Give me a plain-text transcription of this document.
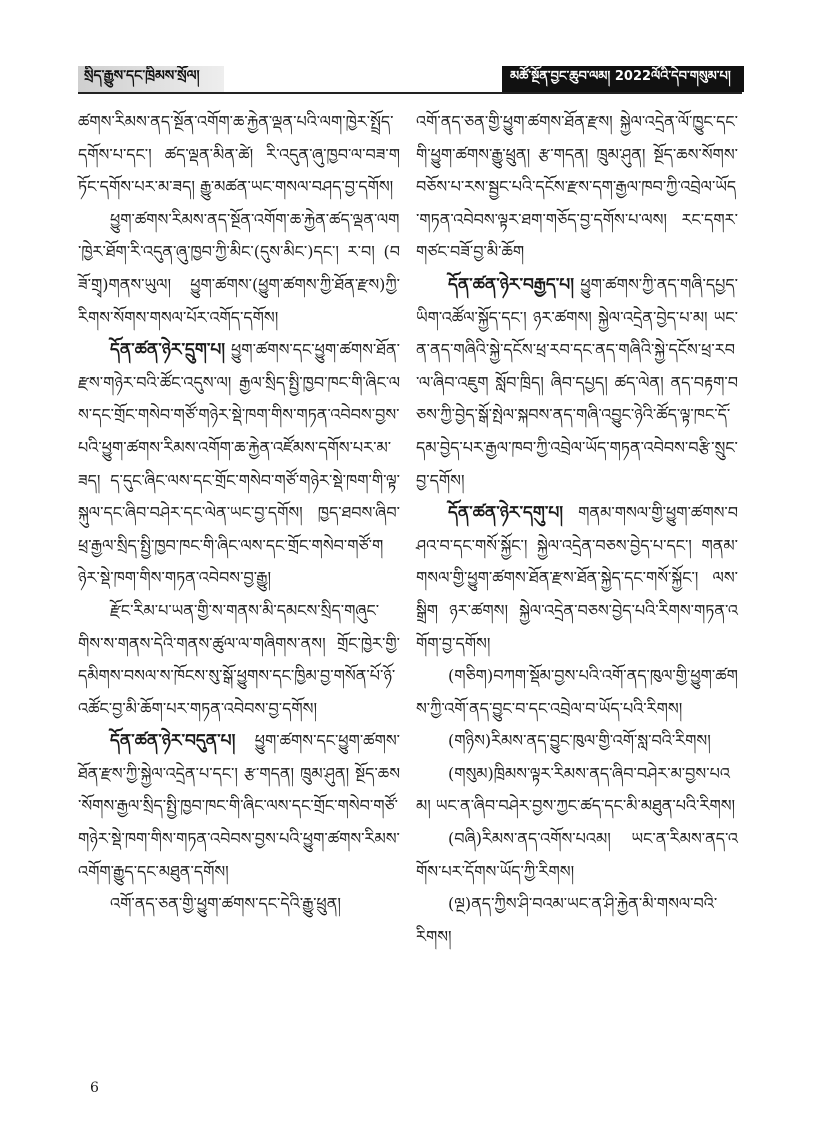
སྲིད་རྒྱུས་དང་ཁྲིམས་སྲོལ།	མཚོ་སྔོན་བྱང་ཆུབ་ལམ། 2022ལོའི་དེབ་གསུམ་པ།

ཚགས་རིམས་ནད་སྔོན་འགོག་ཆ་རྐྱེན་ལྡན་པའི་ལག་ཁྱེར་སྤྲོད་དགོས་པ་དང་། ཚད་ལྡན་མིན་ཚེ། རི་འདུན་ཞུ་ཁྱབ་ལ་བཟ་གཏོང་དགོས་པར་མ་ཟད། རྒྱུ་མཚན་ཡང་གསལ་བཤད་བྱ་དགོས།

ཕྱུག་ཚགས་རིམས་ནད་སྔོན་འགོག་ཆ་རྐྱེན་ཚད་ལྡན་ལག་ཁྱེར་ཐོག་རི་འདུན་ཞུ་ཁྱབ་ཀྱི་མིང་(དུས་མིང་)དང་། ར་བ། (བཟོ་གྲྭ)གནས་ཡུལ། ཕྱུག་ཚགས་(ཕྱུག་ཚགས་ཀྱི་ཐོན་རྫས)ཀྱི་རིགས་སོགས་གསལ་པོར་འགོད་དགོས།

དོན་ཚན་ཉེར་དྲུག་པ། ཕྱུག་ཚགས་དང་ཕྱུག་ཚགས་ཐོན་རྫས་གཉེར་བའི་ཚོང་འདུས་ལ། རྒྱལ་སྲིད་སྤྱི་ཁྱབ་ཁང་གི་ཞིང་ལས་དང་གྲོང་གསེབ་གཙོ་གཉེར་སྡེ་ཁག་གིས་གཏན་འབེབས་བྱས་པའི་ཕྱུག་ཚགས་རིམས་འགོག་ཆ་རྐྱེན་འཛོམས་དགོས་པར་མ་ཟད། ད་དུང་ཞིང་ལས་དང་གྲོང་གསེབ་གཙོ་གཉེར་སྡེ་ཁག་གི་ལྟ་སྐུལ་དང་ཞིབ་བཤེར་དང་ལེན་ཡང་བྱ་དགོས། ཁྱད་ཐབས་ཞིབ་ཕྲ་རྒྱལ་སྲིད་སྤྱི་ཁྱབ་ཁང་གི་ཞིང་ལས་དང་གྲོང་གསེབ་གཙོ་གཉེར་སྡེ་ཁག་གིས་གཏན་འབེབས་བྱ་རྒྱུ།

རྫོང་རིམ་པ་ཡན་གྱི་ས་གནས་མི་དམངས་སྲིད་གཞུང་གིས་ས་གནས་དེའི་གནས་ཚུལ་ལ་གཞིགས་ནས། གྲོང་ཁྱེར་གྱི་དམིགས་བསལ་ས་ཁོངས་སུ་སྒོ་ཕྱུགས་དང་ཁྱིམ་བྱ་གསོན་པོ་ཉོ་འཚོང་བྱ་མི་ཆོག་པར་གཏན་འབེབས་བྱ་དགོས།

དོན་ཚན་ཉེར་བདུན་པ། ཕྱུག་ཚགས་དང་ཕྱུག་ཚགས་ཐོན་རྫས་ཀྱི་སྐྱེལ་འདྲེན་པ་དང་། རྩ་གདན། ཁྲུམ་ཤུན། སྔོད་ཆས་སོགས་རྒྱལ་སྲིད་སྤྱི་ཁྱབ་ཁང་གི་ཞིང་ལས་དང་གྲོང་གསེབ་གཙོ་གཉེར་སྡེ་ཁག་གིས་གཏན་འབེབས་བྱས་པའི་ཕྱུག་ཚགས་རིམས་འགོག་རྒྱུད་དང་མཐུན་དགོས།

འགོ་ནད་ཅན་གྱི་ཕྱུག་ཚགས་དང་དེའི་རྒྱུ་ཕྲུན།

འགོ་ནད་ཅན་གྱི་ཕྱུག་ཚགས་ཐོན་རྫས། སྐྱེལ་འདྲེན་ལོ་ཁྱུང་དང་གི་ཕྱུག་ཚགས་རྒྱུ་ཕྲུན། རྩ་གདན། ཁྲུམ་ཤུན། སྔོད་ཆས་སོགས་བཅོས་པ་རས་སྦྱང་པའི་དངོས་རྫས་དག་རྒྱལ་ཁབ་ཀྱི་འབྲེལ་ཡོད་གཏན་འབེབས་ལྟར་ཐག་གཅོད་བྱ་དགོས་པ་ལས། རང་དགར་གཙང་བཟོ་བྱ་མི་ཆོག

དོན་ཚན་ཉེར་བརྒྱད་པ། ཕྱུག་ཚགས་ཀྱི་ནད་གཞི་དཔྱད་ཡིག་འཚོལ་སྐྱོད་དང་། ཉར་ཚགས། སྐྱེལ་འདྲེན་བྱེད་པ་མ། ཡང་ན་ནད་གཞིའི་སྐྱེ་དངོས་ཕྲ་རབ་དང་ནད་གཞིའི་སྐྱེ་དངོས་ཕྲ་རབ་ལ་ཞིབ་འཇུག སློབ་ཁྲིད། ཞིབ་དཔྱད། ཚད་ལེན། ནད་བརྟག་བཅས་ཀྱི་བྱེད་སྒོ་སྤེལ་སྐབས་ནད་གཞི་འབྱུང་ཉེའི་ཚོད་ལྟ་ཁང་དོ་དམ་བྱེད་པར་རྒྱལ་ཁབ་ཀྱི་འབྲེལ་ཡོད་གཏན་འབེབས་བརྩི་སྲུང་བྱ་དགོས།

དོན་ཚན་ཉེར་དགུ་པ། གནམ་གསལ་གྱི་ཕྱུག་ཚགས་བཤའ་བ་དང་གསོ་སྐྱོང་། སྐྱེལ་འདྲེན་བཅས་བྱེད་པ་དང་། གནམ་གསལ་གྱི་ཕྱུག་ཚགས་ཐོན་རྫས་ཐོན་སྐྱེད་དང་གསོ་སྐྱོང་། ལས་སྒྲིག ཉར་ཚགས། སྐྱེལ་འདྲེན་བཅས་བྱེད་པའི་རིགས་གཏན་འགོག་བྱ་དགོས།

(གཅིག)བཀག་སྡོམ་བྱས་པའི་འགོ་ནད་ཁུལ་གྱི་ཕྱུག་ཚགས་ཀྱི་འགོ་ནད་བྱུང་བ་དང་འབྲེལ་བ་ཡོད་པའི་རིགས།

(གཉིས)རིམས་ནད་བྱུང་ཁུལ་གྱི་འགོ་སླ་བའི་རིགས།

(གསུམ)ཁྲིམས་ལྟར་རིམས་ནད་ཞིབ་བཤེར་མ་བྱས་པའམ། ཡང་ན་ཞིབ་བཤེར་བྱས་ཀྱང་ཚད་དང་མི་མཐུན་པའི་རིགས།

(བཞི)རིམས་ནད་འགོས་པའམ། ཡང་ན་རིམས་ནད་འགོས་པར་དོགས་ཡོད་ཀྱི་རིགས།

(ལྔ)ནད་ཀྱིས་ཤི་བའམ་ཡང་ན་ཤི་རྐྱེན་མི་གསལ་བའི་རིགས།

6
